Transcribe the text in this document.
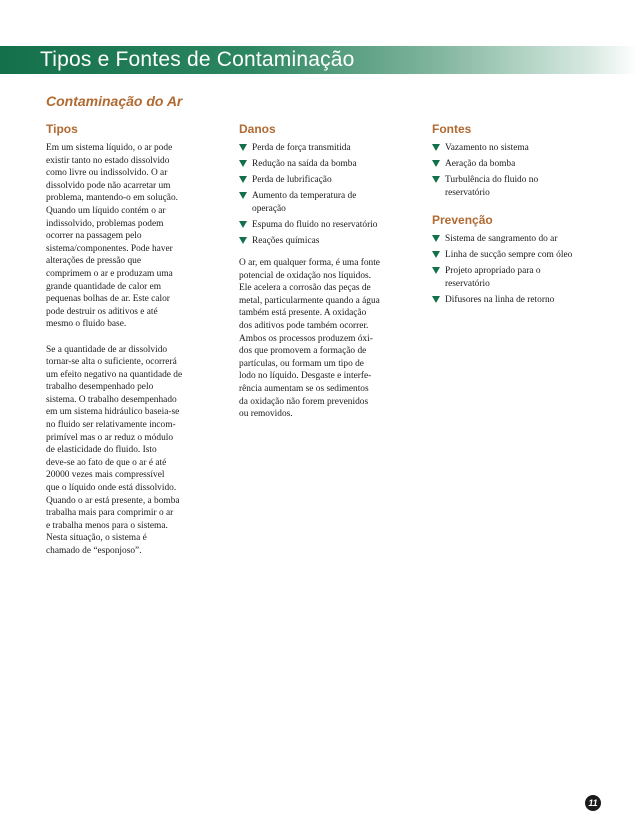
Tipos e Fontes de Contaminação
Contaminação do Ar
Tipos

Em um sistema líquido, o ar pode
existir tanto no estado dissolvido
como livre ou indissolvido. O ar
dissolvido pode não acarretar um
problema, mantendo-o em solução.
Quando um líquido contém o ar
indissolvido, problemas podem
ocorrer na passagem pelo
sistema/componentes. Pode haver
alterações de pressão que
comprimem o ar e produzam uma
grande quantidade de calor em
pequenas bolhas de ar. Este calor
pode destruir os aditivos e até
mesmo o fluido base.

Se a quantidade de ar dissolvido
tornar-se alta o suficiente, ocorrerá
um efeito negativo na quantidade de
trabalho desempenhado pelo
sistema. O trabalho desempenhado
em um sistema hidráulico baseia-se
no fluido ser relativamente incom-
primível mas o ar reduz o módulo
de elasticidade do fluido. Isto
deve-se ao fato de que o ar é até
20000 vezes mais compressível
que o líquido onde está dissolvido.
Quando o ar está presente, a bomba
trabalha mais para comprimir o ar
e trabalha menos para o sistema.
Nesta situação, o sistema é
chamado de “esponjoso”.

Danos
Perda de força transmitida
Redução na saída da bomba
Perda de lubrificação
Aumento da temperatura de
operação
Espuma do fluido no reservatório
Reações químicas

O ar, em qualquer forma, é uma fonte
potencial de oxidação nos líquidos.
Ele acelera a corrosão das peças de
metal, particularmente quando a água
também está presente. A oxidação
dos aditivos pode também ocorrer.
Ambos os processos produzem óxi-
dos que promovem a formação de
partículas, ou formam um tipo de
lodo no líquido. Desgaste e interfe-
rência aumentam se os sedimentos
da oxidação não forem prevenidos
ou removidos.

Fontes
Vazamento no sistema
Aeração da bomba
Turbulência do fluido no
reservatório
Prevenção
Sistema de sangramento do ar
Linha de sucção sempre com óleo
Projeto apropriado para o
reservatório
Difusores na linha de retorno
11
